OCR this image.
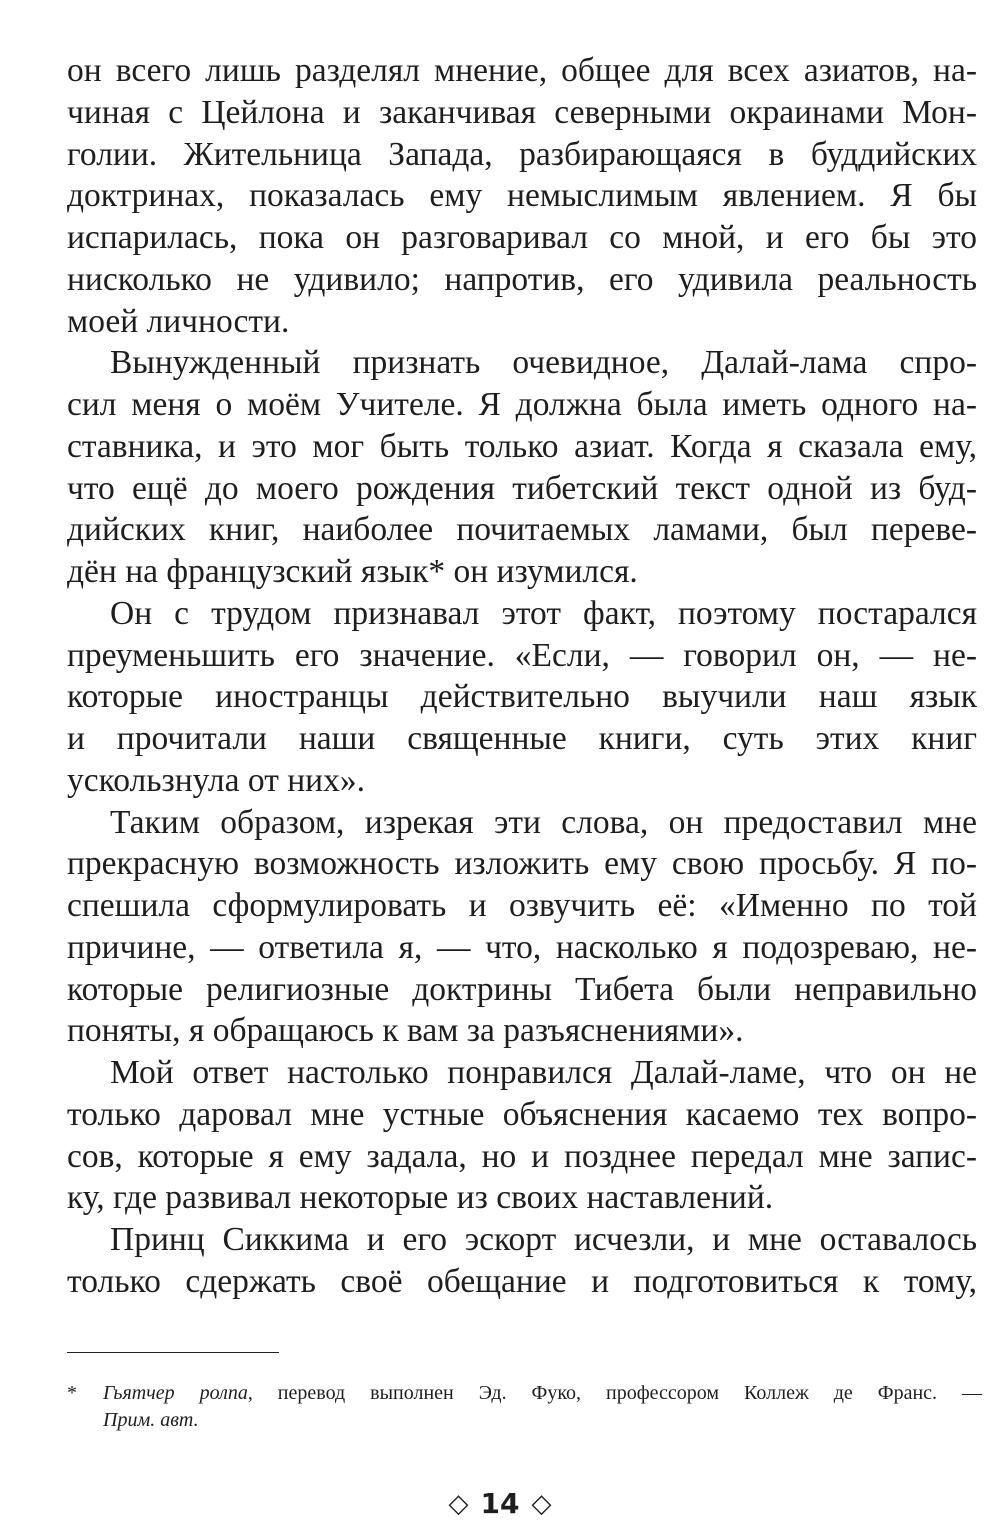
он всего лишь разделял мнение, общее для всех азиатов, на-
чиная с Цейлона и заканчивая северными окраинами Мон-
голии. Жительница Запада, разбирающаяся в буддийских
доктринах, показалась ему немыслимым явлением. Я бы
испарилась, пока он разговаривал со мной, и его бы это
нисколько не удивило; напротив, его удивила реальность
моей личности.
Вынужденный признать очевидное, Далай-лама спро-
сил меня о моём Учителе. Я должна была иметь одного на-
ставника, и это мог быть только азиат. Когда я сказала ему,
что ещё до моего рождения тибетский текст одной из буд-
дийских книг, наиболее почитаемых ламами, был переве-
дён на французский язык* он изумился.
Он с трудом признавал этот факт, поэтому постарался
преуменьшить его значение. «Если, — говорил он, — не-
которые иностранцы действительно выучили наш язык
и прочитали наши священные книги, суть этих книг
ускользнула от них».
Таким образом, изрекая эти слова, он предоставил мне
прекрасную возможность изложить ему свою просьбу. Я по-
спешила сформулировать и озвучить её: «Именно по той
причине, — ответила я, — что, насколько я подозреваю, не-
которые религиозные доктрины Тибета были неправильно
поняты, я обращаюсь к вам за разъяснениями».
Мой ответ настолько понравился Далай-ламе, что он не
только даровал мне устные объяснения касаемо тех вопро-
сов, которые я ему задала, но и позднее передал мне запис-
ку, где развивал некоторые из своих наставлений.
Принц Сиккима и его эскорт исчезли, и мне оставалось
только сдержать своё обещание и подготовиться к тому,
*	Гьятчер ролпа, перевод выполнен Эд. Фуко, профессором Коллеж де Франс. —
Прим. авт.
◇ 14 ◇
